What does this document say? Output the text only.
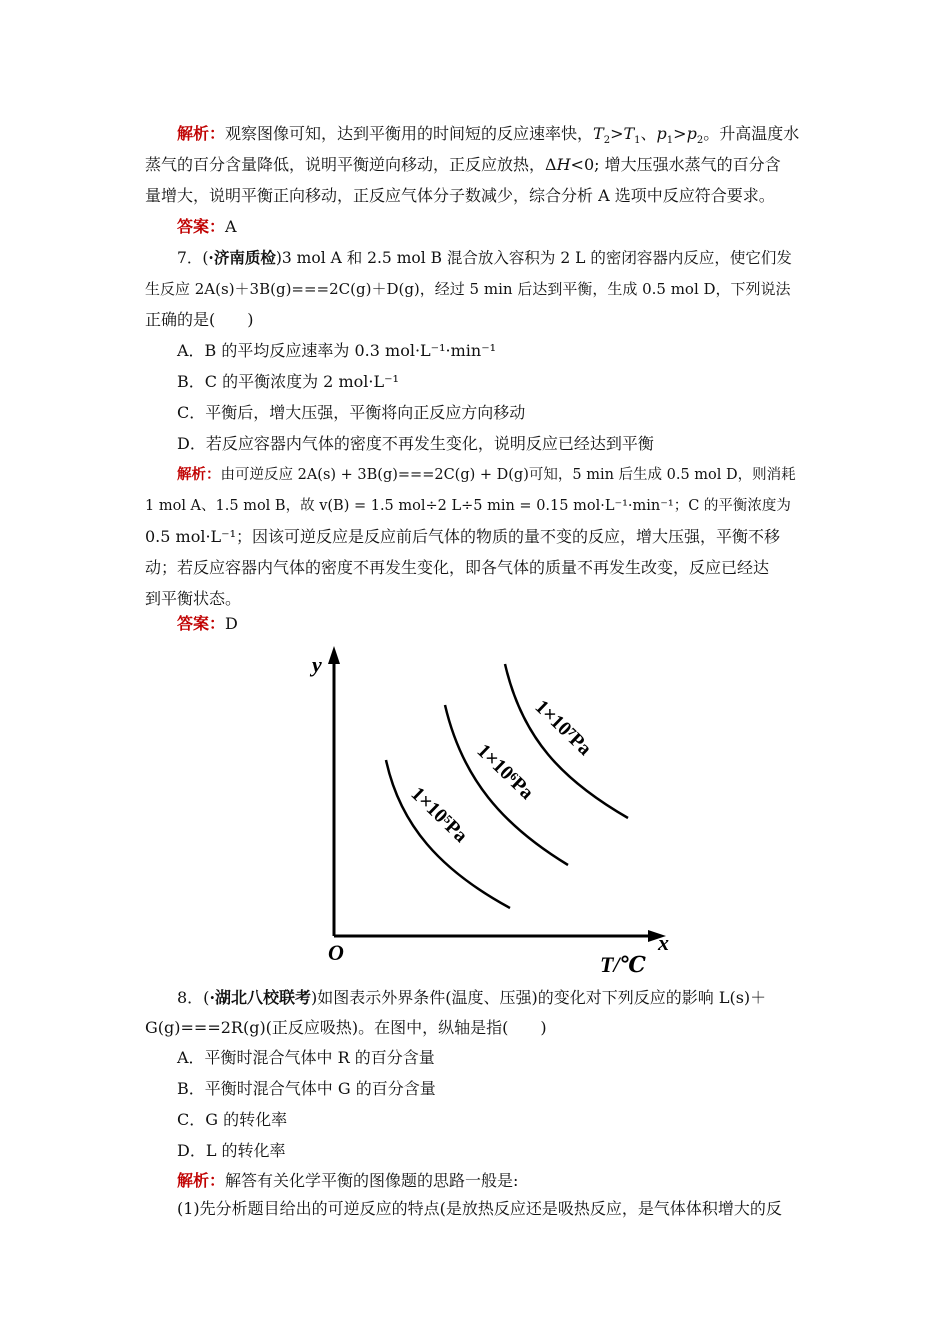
解析：观察图像可知，达到平衡用的时间短的反应速率快，$T_2>T_1$、$p_1>p_2$。升高温度水
蒸气的百分含量降低，说明平衡逆向移动，正反应放热，ΔH<0; 增大压强水蒸气的百分含
量增大，说明平衡正向移动，正反应气体分子数减少，综合分析 A 选项中反应符合要求。
答案：A
7．(·济南质检)3 mol A 和 2.5 mol B 混合放入容积为 2 L 的密闭容器内反应，使它们发
生反应 2A(s)＋3B(g)===2C(g)＋D(g)，经过 5 min 后达到平衡，生成 0.5 mol D，下列说法
正确的是(　　)
A．B 的平均反应速率为 0.3 mol·L⁻¹·min⁻¹
B．C 的平衡浓度为 2 mol·L⁻¹
C．平衡后，增大压强，平衡将向正反应方向移动
D．若反应容器内气体的密度不再发生变化，说明反应已经达到平衡
解析：由可逆反应 2A(s) + 3B(g)===2C(g) + D(g)可知，5 min 后生成 0.5 mol D，则消耗
1 mol A、1.5 mol B，故 v(B) = 1.5 mol÷2 L÷5 min = 0.15 mol·L⁻¹·min⁻¹；C 的平衡浓度为
0.5 mol·L⁻¹；因该可逆反应是反应前后气体的物质的量不变的反应，增大压强，平衡不移
动；若反应容器内气体的密度不再发生变化，即各气体的质量不再发生改变，反应已经达
到平衡状态。
答案：D
y
x
O	T/℃
1×10⁵Pa
1×10⁶Pa
1×10⁷Pa
8．(·湖北八校联考)如图表示外界条件(温度、压强)的变化对下列反应的影响 L(s)＋
G(g)===2R(g)(正反应吸热)。在图中，纵轴是指(　　)
A．平衡时混合气体中 R 的百分含量
B．平衡时混合气体中 G 的百分含量
C．G 的转化率
D．L 的转化率
解析：解答有关化学平衡的图像题的思路一般是:
(1)先分析题目给出的可逆反应的特点(是放热反应还是吸热反应，是气体体积增大的反
